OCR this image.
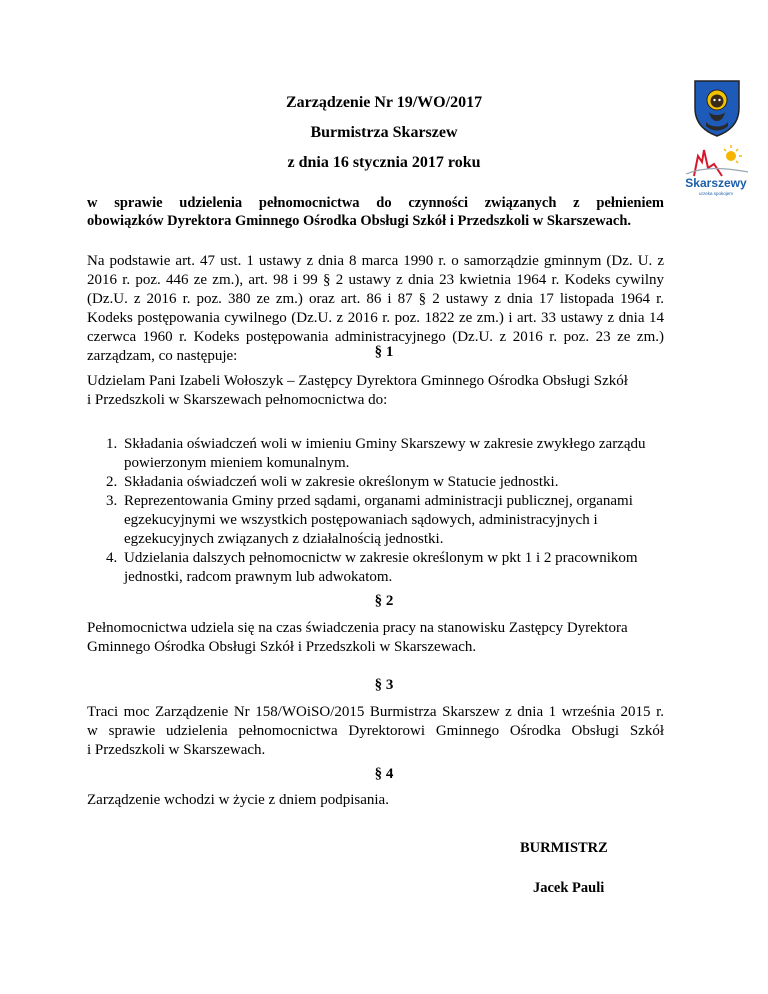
Zarządzenie Nr 19/WO/2017
Burmistrza Skarszew
z dnia 16 stycznia 2017 roku
Skarszewy
urzeka spokojem
w sprawie udzielenia pełnomocnictwa do czynności związanych z pełnieniem
obowiązków Dyrektora Gminnego Ośrodka Obsługi Szkół i Przedszkoli w Skarszewach.
Na podstawie art. 47 ust. 1 ustawy z dnia 8 marca 1990 r. o samorządzie gminnym (Dz. U. z 2016 r. poz. 446 ze zm.), art. 98 i 99 § 2 ustawy z dnia 23 kwietnia 1964 r. Kodeks cywilny (Dz.U. z 2016 r. poz. 380 ze zm.) oraz art. 86 i 87 § 2 ustawy z dnia 17 listopada 1964 r. Kodeks postępowania cywilnego (Dz.U. z 2016 r. poz. 1822 ze zm.) i art. 33 ustawy z dnia 14 czerwca 1960 r. Kodeks postępowania administracyjnego (Dz.U. z 2016 r. poz. 23 ze zm.) zarządzam, co następuje:	§ 1
Udzielam Pani Izabeli Wołoszyk – Zastępcy Dyrektora Gminnego Ośrodka Obsługi Szkół
i Przedszkoli w Skarszewach pełnomocnictwa do:
1. Składania oświadczeń woli w imieniu Gminy Skarszewy w zakresie zwykłego zarządu powierzonym mieniem komunalnym.
2. Składania oświadczeń woli w zakresie określonym w Statucie jednostki.
3. Reprezentowania Gminy przed sądami, organami administracji publicznej, organami egzekucyjnymi we wszystkich postępowaniach sądowych, administracyjnych i egzekucyjnych związanych z działalnością jednostki.
4. Udzielania dalszych pełnomocnictw w zakresie określonym w pkt 1 i 2 pracownikom jednostki, radcom prawnym lub adwokatom.
§ 2
Pełnomocnictwa udziela się na czas świadczenia pracy na stanowisku Zastępcy Dyrektora
Gminnego Ośrodka Obsługi Szkół i Przedszkoli w Skarszewach.
§ 3
Traci moc Zarządzenie Nr 158/WOiSO/2015 Burmistrza Skarszew z dnia 1 września 2015 r.
w sprawie udzielenia pełnomocnictwa Dyrektorowi Gminnego Ośrodka Obsługi Szkół
i Przedszkoli w Skarszewach.
§ 4
Zarządzenie wchodzi w życie z dniem podpisania.
BURMISTRZ
Jacek Pauli
